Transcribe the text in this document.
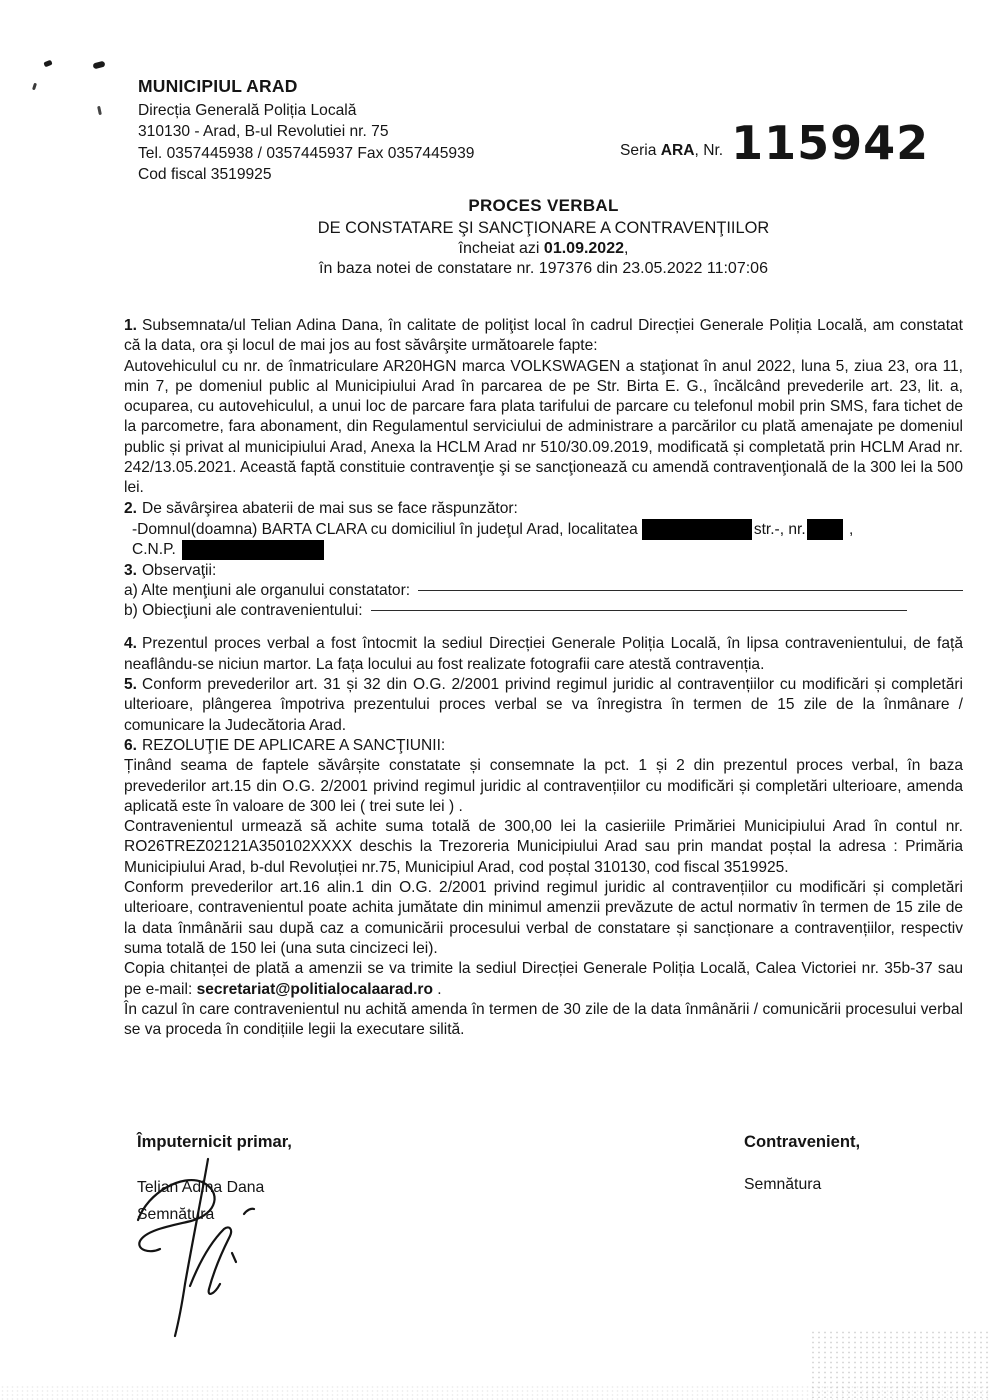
MUNICIPIUL ARAD

Direcția Generală Poliția Locală

310130 - Arad, B-ul Revolutiei nr. 75

Tel. 0357445938 / 0357445937 Fax 0357445939

Cod fiscal 3519925

Seria ARA, Nr. 115942

PROCES VERBAL

DE CONSTATARE ŞI SANCŢIONARE A CONTRAVENŢIILOR

încheiat azi 01.09.2022,

în baza notei de constatare nr. 197376 din 23.05.2022 11:07:06

1. Subsemnata/ul Telian Adina Dana, în calitate de poliţist local în cadrul Direcției Generale Poliția Locală, am constatat că la data, ora şi locul de mai jos au fost săvârşite următoarele fapte:

Autovehiculul cu nr. de înmatriculare AR20HGN marca VOLKSWAGEN a staţionat în anul 2022, luna 5, ziua 23, ora 11, min 7, pe domeniul public al Municipiului Arad în parcarea de pe Str. Birta E. G., încălcând prevederile art. 23, lit. a, ocuparea, cu autovehiculul, a unui loc de parcare fara plata tarifului de parcare cu telefonul mobil prin SMS, fara tichet de la parcometre, fara abonament, din Regulamentul serviciului de administrare a parcărilor cu plată amenajate pe domeniul public și privat al municipiului Arad, Anexa la HCLM Arad nr 510/30.09.2019, modificată și completată prin HCLM Arad nr. 242/13.05.2021. Această faptă constituie contravenţie şi se sancţionează cu amendă contravenţională de la 300 lei la 500 lei.

2. De săvârşirea abaterii de mai sus se face răspunzător:

-Domnul(doamna) BARTA CLARA cu domiciliul în judeţul Arad, localitatea	str.-, nr.	,

C.N.P.

3. Observaţii:

a) Alte menţiuni ale organului constatator:

b) Obiecţiuni ale contravenientului:

4. Prezentul proces verbal a fost întocmit la sediul Direcției Generale Poliția Locală, în lipsa contravenientului, de față neaflându-se niciun martor. La fața locului au fost realizate fotografii care atestă contravenția.

5. Conform prevederilor art. 31 și 32 din O.G. 2/2001 privind regimul juridic al contravențiilor cu modificări și completări ulterioare, plângerea împotriva prezentului proces verbal se va înregistra în termen de 15 zile de la înmânare / comunicare la Judecătoria Arad.

6. REZOLUŢIE DE APLICARE A SANCŢIUNII:

Ținând seama de faptele săvârșite constatate și consemnate la pct. 1 și 2 din prezentul proces verbal, în baza prevederilor art.15 din O.G. 2/2001 privind regimul juridic al contravențiilor cu modificări și completări ulterioare, amenda aplicată este în valoare de 300 lei ( trei sute lei ) .

Contravenientul urmează să achite suma totală de 300,00 lei la casieriile Primăriei Municipiului Arad în contul nr. RO26TREZ02121A350102XXXX deschis la Trezoreria Municipiului Arad sau prin mandat poștal la adresa : Primăria Municipiului Arad, b-dul Revoluției nr.75, Municipiul Arad, cod poștal 310130, cod fiscal 3519925.

Conform prevederilor art.16 alin.1 din O.G. 2/2001 privind regimul juridic al contravențiilor cu modificări și completări ulterioare, contravenientul poate achita jumătate din minimul amenzii prevăzute de actul normativ în termen de 15 zile de la data înmânării sau după caz a comunicării procesului verbal de constatare și sancționare a contravențiilor, respectiv suma totală de 150 lei (una suta cincizeci lei).

Copia chitanței de plată a amenzii se va trimite la sediul Direcției Generale Poliția Locală, Calea Victoriei nr. 35b-37 sau pe e-mail: secretariat@politialocalaarad.ro .

În cazul în care contravenientul nu achită amenda în termen de 30 zile de la data înmânării / comunicării procesului verbal se va proceda în condițiile legii la executare silită.

Împuternicit primar,

Telian Adina Dana

Semnătura

Contravenient,

Semnătura
